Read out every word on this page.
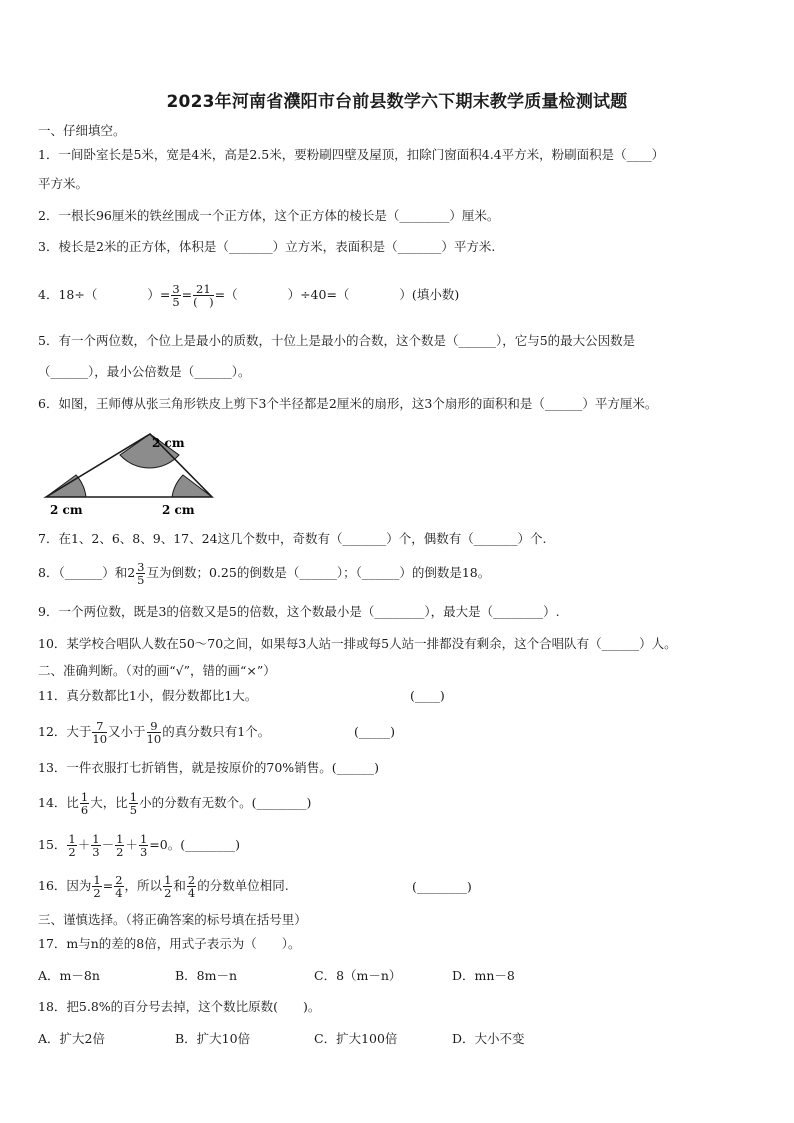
2023年河南省濮阳市台前县数学六下期末教学质量检测试题
一、仔细填空。
1．一间卧室长是5米，宽是4米，高是2.5米，要粉刷四壁及屋顶，扣除门窗面积4.4平方米，粉刷面积是（____）
平方米。
2．一根长96厘米的铁丝围成一个正方体，这个正方体的棱长是（________）厘米。
3．棱长是2米的正方体，体积是（_______）立方米，表面积是（_______）平方米.
4．18÷（　　　　）= $\frac{3}{5} = \frac{21}{( )}$ =（　　　　）÷40=（　　　　）(填小数)
5．有一个两位数，个位上是最小的质数，十位上是最小的合数，这个数是（______），它与5的最大公因数是
（______），最小公倍数是（______）。
6．如图，王师傅从张三角形铁皮上剪下3个半径都是2厘米的扇形，这3个扇形的面积和是（______）平方厘米。
2 cm
2 cm	2 cm
7．在1、2、6、8、9、17、24这几个数中，奇数有（_______）个，偶数有（_______）个.
8．（______）和$2 \frac{3}{5}$ 互为倒数；0.25的倒数是（______）；（______）的倒数是18。
9．一个两位数，既是3的倍数又是5的倍数，这个数最小是（________），最大是（________）.
10．某学校合唱队人数在50～70之间，如果每3人站一排或每5人站一排都没有剩余，这个合唱队有（______）人。
二、准确判断。（对的画“√”，错的画“×”）
11．真分数都比1小，假分数都比1大。	(____)
12．大于 $\frac{7}{10}$ 又小于 $\frac{9}{10}$ 的真分数只有1个。	(_____)
13．一件衣服打七折销售，就是按原价的70%销售。(______)
14．比 $\frac{1}{6}$ 大，比 $\frac{1}{5}$ 小的分数有无数个。(________)
15． $\frac{1}{2} + \frac{1}{3} - \frac{1}{2} + \frac{1}{3} =0$。(________)
16．因为 $\frac{1}{2} = \frac{2}{4}$ ，所以 $\frac{1}{2}$ 和 $\frac{2}{4}$ 的分数单位相同.	(________)
三、谨慎选择。（将正确答案的标号填在括号里）
17．m与n的差的8倍，用式子表示为（　　）。
A．m－8n	B．8m－n	C．8（m－n）	D．mn－8
18．把5.8%的百分号去掉，这个数比原数(　　)。
A．扩大2倍	B．扩大10倍	C．扩大100倍	D．大小不变
